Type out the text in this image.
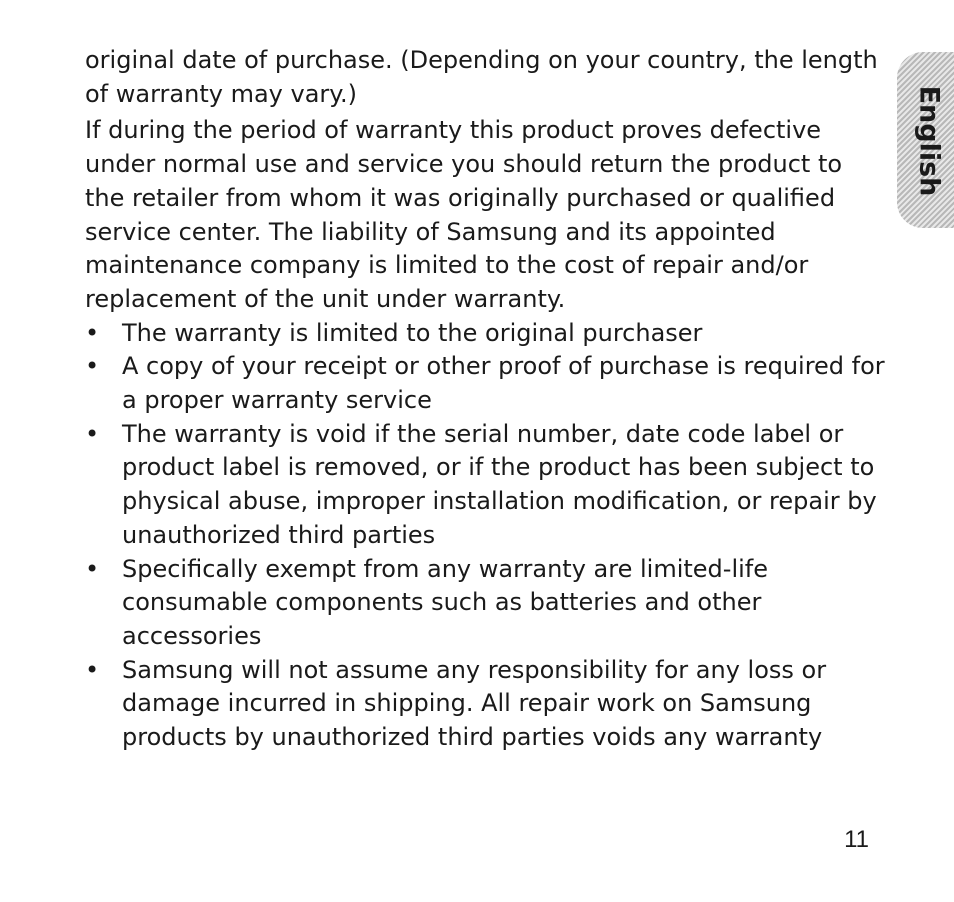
original date of purchase. (Depending on your country, the length of warranty may vary.)

If during the period of warranty this product proves defective under normal use and service you should return the product to the retailer from whom it was originally purchased or qualified service center. The liability of Samsung and its appointed maintenance company is limited to the cost of repair and/or replacement of the unit under warranty.

• The warranty is limited to the original purchaser
• A copy of your receipt or other proof of purchase is required for a proper warranty service
• The warranty is void if the serial number, date code label or product label is removed, or if the product has been subject to physical abuse, improper installation modification, or repair by unauthorized third parties
• Specifically exempt from any warranty are limited-life consumable components such as batteries and other accessories
• Samsung will not assume any responsibility for any loss or damage incurred in shipping. All repair work on Samsung products by unauthorized third parties voids any warranty
English
11
